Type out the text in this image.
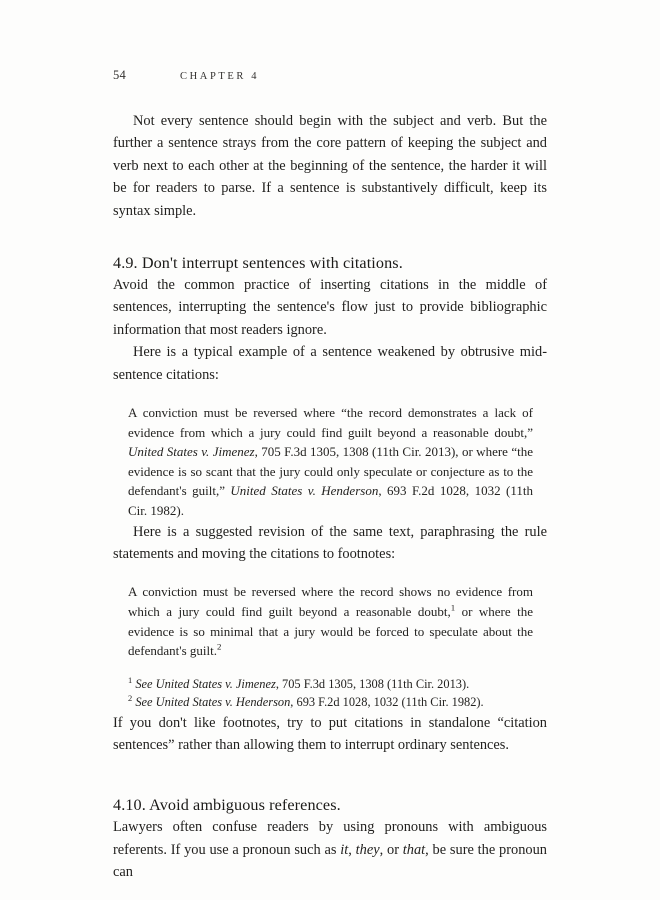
54	CHAPTER 4

Not every sentence should begin with the subject and verb. But the further a sentence strays from the core pattern of keeping the subject and verb next to each other at the beginning of the sentence, the harder it will be for readers to parse. If a sentence is substantively difficult, keep its syntax simple.

4.9. Don't interrupt sentences with citations.

Avoid the common practice of inserting citations in the middle of sentences, interrupting the sentence's flow just to provide bibliographic information that most readers ignore.

Here is a typical example of a sentence weakened by obtrusive mid-sentence citations:

A conviction must be reversed where “the record demonstrates a lack of evidence from which a jury could find guilt beyond a reasonable doubt,” United States v. Jimenez, 705 F.3d 1305, 1308 (11th Cir. 2013), or where “the evidence is so scant that the jury could only speculate or conjecture as to the defendant's guilt,” United States v. Henderson, 693 F.2d 1028, 1032 (11th Cir. 1982).

Here is a suggested revision of the same text, paraphrasing the rule statements and moving the citations to footnotes:

A conviction must be reversed where the record shows no evidence from which a jury could find guilt beyond a reasonable doubt,$^1$ or where the evidence is so minimal that a jury would be forced to speculate about the defendant's guilt.$^2$

$^1$ See United States v. Jimenez, 705 F.3d 1305, 1308 (11th Cir. 2013).

$^2$ See United States v. Henderson, 693 F.2d 1028, 1032 (11th Cir. 1982).

If you don't like footnotes, try to put citations in standalone “citation sentences” rather than allowing them to interrupt ordinary sentences.

4.10. Avoid ambiguous references.

Lawyers often confuse readers by using pronouns with ambiguous referents. If you use a pronoun such as it, they, or that, be sure the pronoun can
